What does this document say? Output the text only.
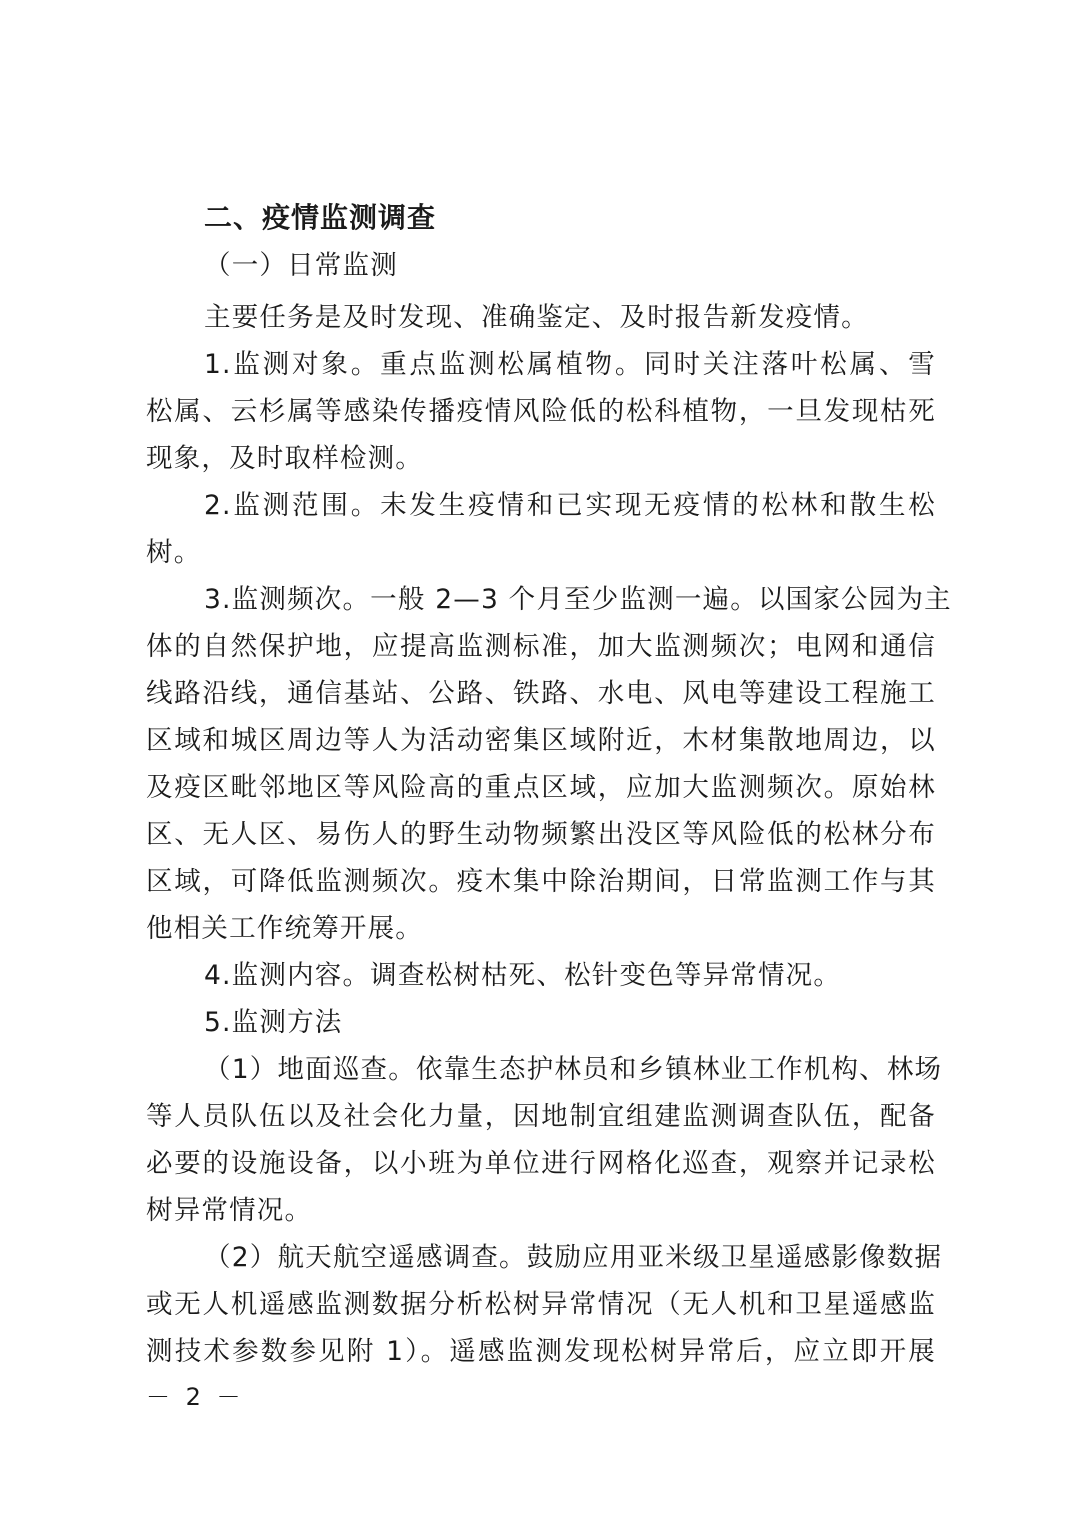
二、疫情监测调查
（一）日常监测
主要任务是及时发现、准确鉴定、及时报告新发疫情。
1.监测对象。重点监测松属植物。同时关注落叶松属、雪
松属、云杉属等感染传播疫情风险低的松科植物，一旦发现枯死
现象，及时取样检测。
2.监测范围。未发生疫情和已实现无疫情的松林和散生松
树。
3.监测频次。一般 2—3 个月至少监测一遍。以国家公园为主
体的自然保护地，应提高监测标准，加大监测频次；电网和通信
线路沿线，通信基站、公路、铁路、水电、风电等建设工程施工
区域和城区周边等人为活动密集区域附近，木材集散地周边，以
及疫区毗邻地区等风险高的重点区域，应加大监测频次。原始林
区、无人区、易伤人的野生动物频繁出没区等风险低的松林分布
区域，可降低监测频次。疫木集中除治期间，日常监测工作与其
他相关工作统筹开展。
4.监测内容。调查松树枯死、松针变色等异常情况。
5.监测方法
（1）地面巡查。依靠生态护林员和乡镇林业工作机构、林场
等人员队伍以及社会化力量，因地制宜组建监测调查队伍，配备
必要的设施设备，以小班为单位进行网格化巡查，观察并记录松
树异常情况。
（2）航天航空遥感调查。鼓励应用亚米级卫星遥感影像数据
或无人机遥感监测数据分析松树异常情况（无人机和卫星遥感监
测技术参数参见附 1）。遥感监测发现松树异常后，应立即开展
－ 2 －
